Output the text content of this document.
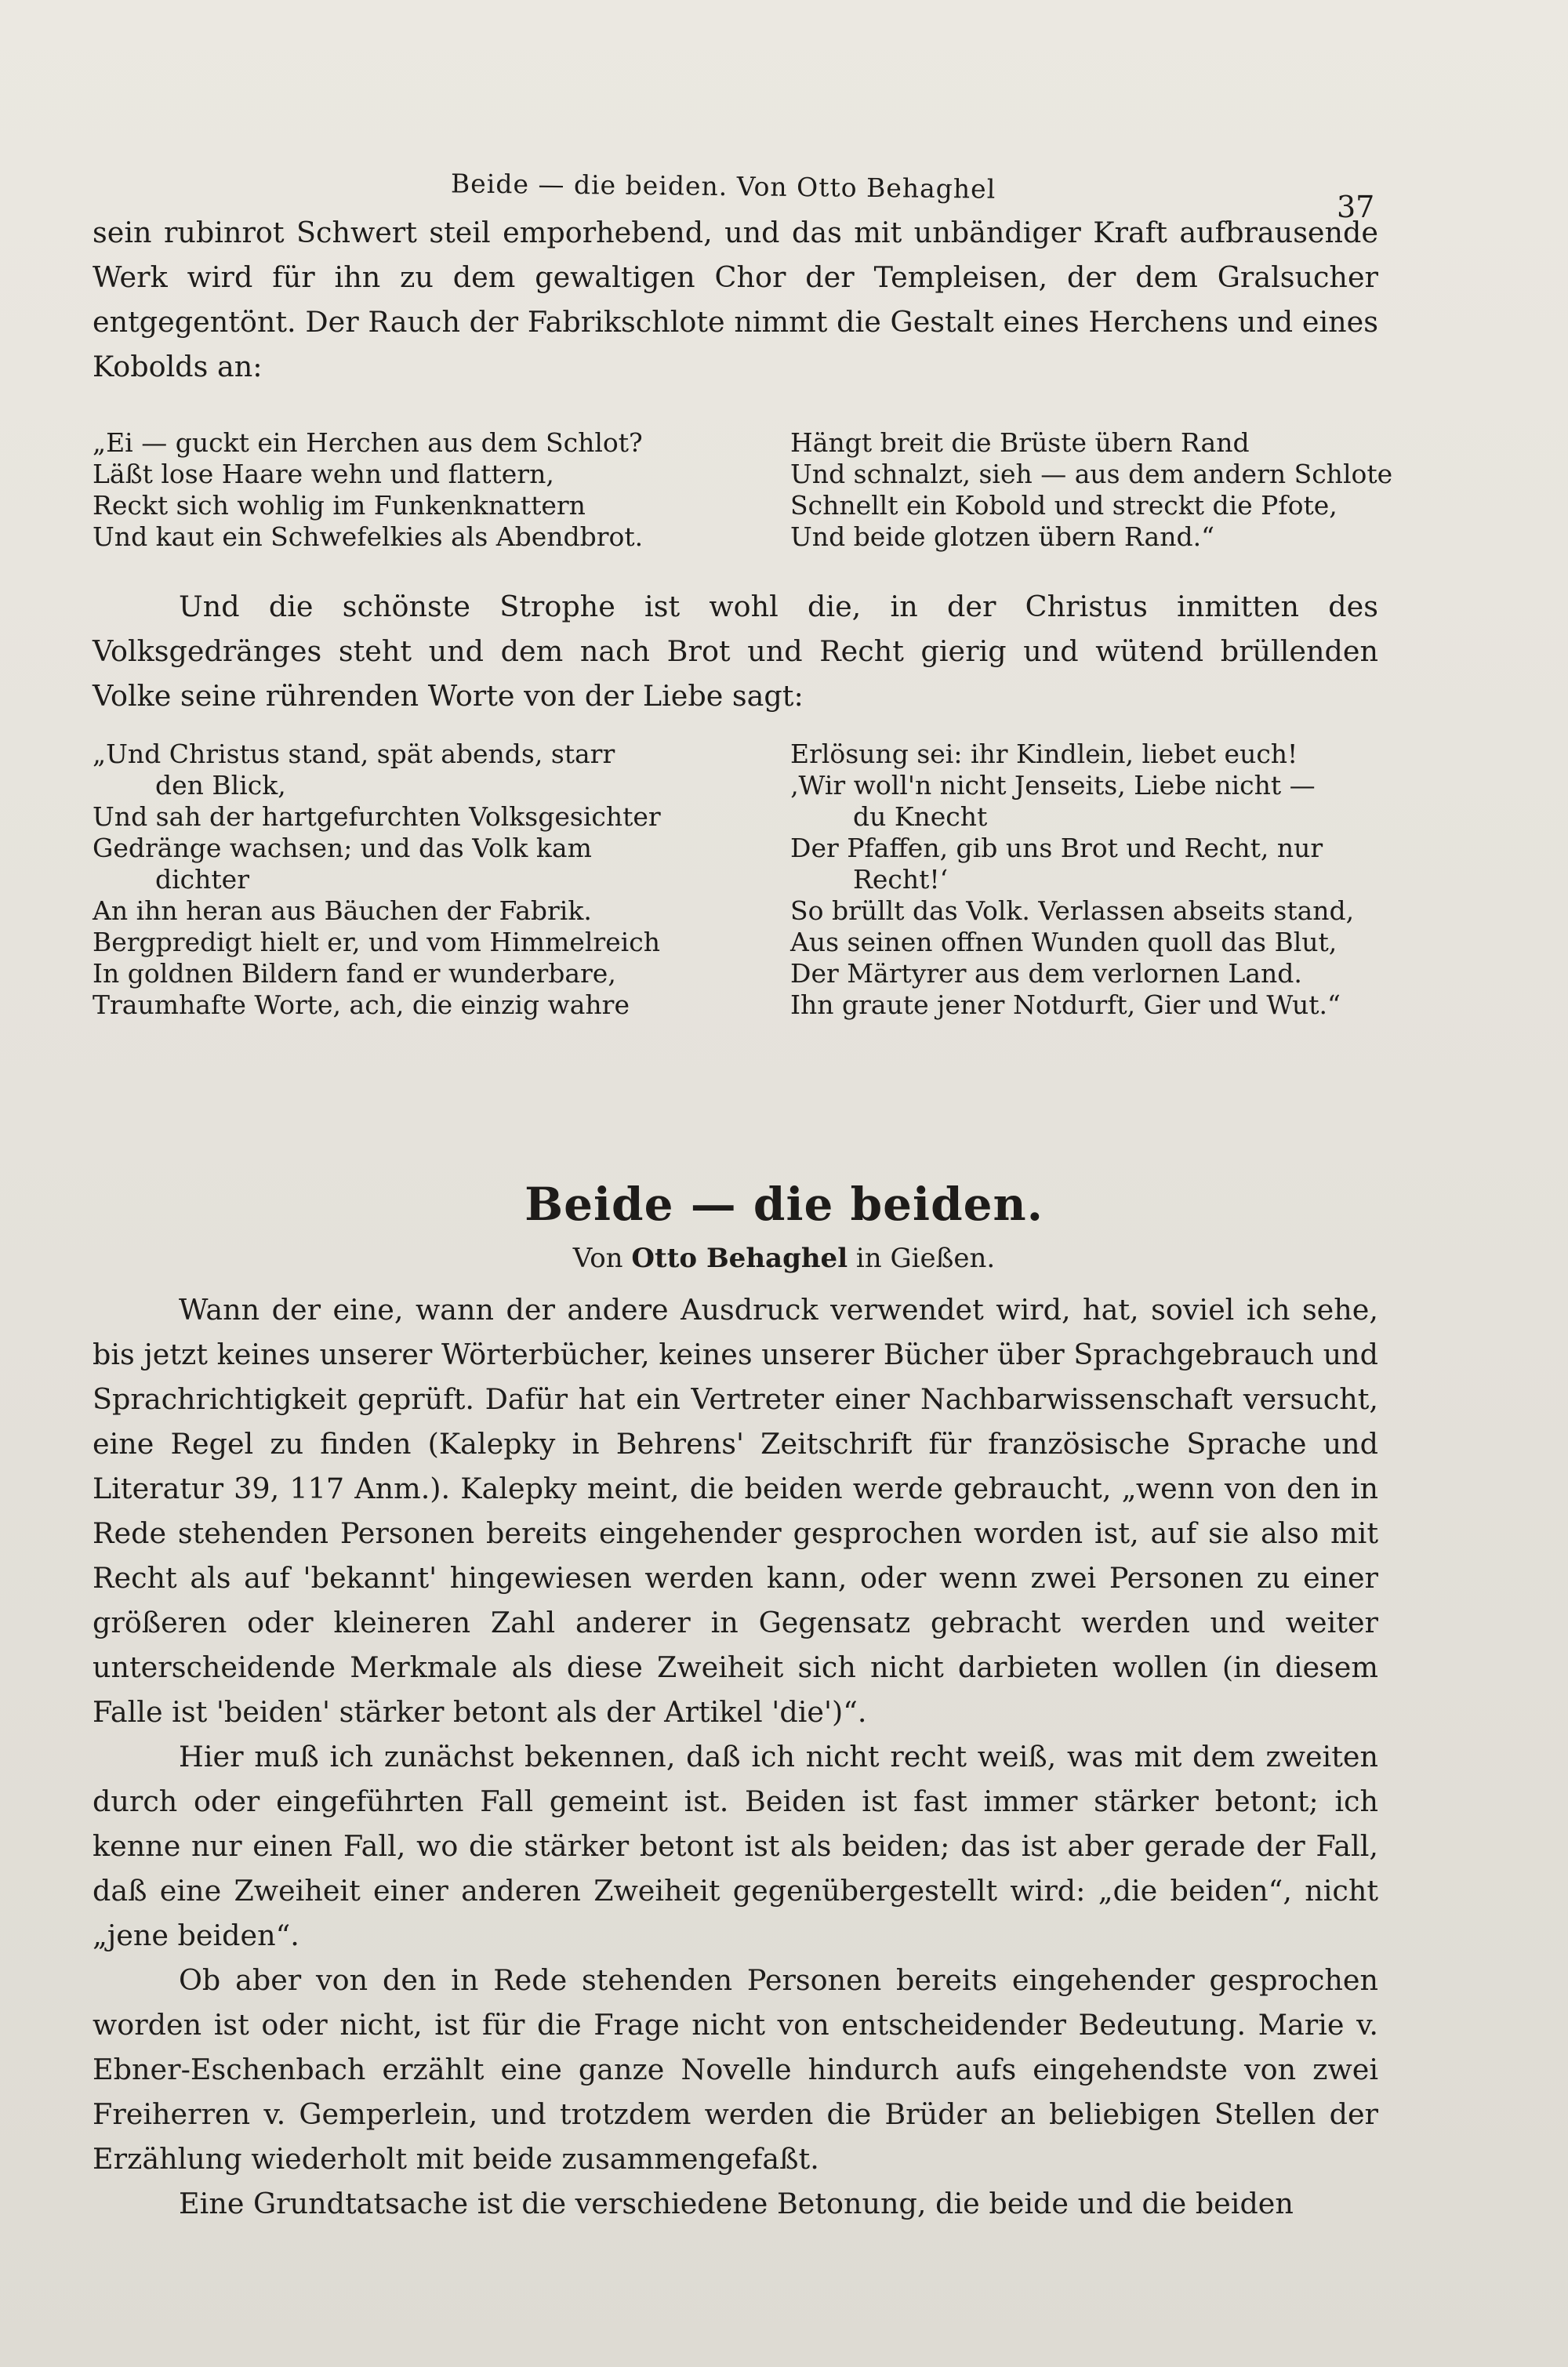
Beide — die beiden. Von Otto Behaghel
37

sein rubinrot Schwert steil emporhebend, und das mit unbändiger Kraft aufbrausende Werk wird für ihn zu dem gewaltigen Chor der Templeisen, der dem Gralsucher entgegentönt. Der Rauch der Fabrikschlote nimmt die Gestalt eines Herchens und eines Kobolds an:

„Ei — guckt ein Herchen aus dem Schlot?
Läßt lose Haare wehn und flattern,
Reckt sich wohlig im Funkenknattern
Und kaut ein Schwefelkies als Abendbrot.
Hängt breit die Brüste übern Rand
Und schnalzt, sieh — aus dem andern Schlote
Schnellt ein Kobold und streckt die Pfote,
Und beide glotzen übern Rand.“

Und die schönste Strophe ist wohl die, in der Christus inmitten des Volksgedränges steht und dem nach Brot und Recht gierig und wütend brüllenden Volke seine rührenden Worte von der Liebe sagt:

„Und Christus stand, spät abends, starr
den Blick,
Und sah der hartgefurchten Volksgesichter
Gedränge wachsen; und das Volk kam
dichter
An ihn heran aus Bäuchen der Fabrik.
Bergpredigt hielt er, und vom Himmelreich
In goldnen Bildern fand er wunderbare,
Traumhafte Worte, ach, die einzig wahre
Erlösung sei: ihr Kindlein, liebet euch!
‚Wir woll'n nicht Jenseits, Liebe nicht —
du Knecht
Der Pfaffen, gib uns Brot und Recht, nur
Recht!‘
So brüllt das Volk. Verlassen abseits stand,
Aus seinen offnen Wunden quoll das Blut,
Der Märtyrer aus dem verlornen Land.
Ihn graute jener Notdurft, Gier und Wut.“
Beide — die beiden.
Von Otto Behaghel in Gießen.

Wann der eine, wann der andere Ausdruck verwendet wird, hat, soviel ich sehe, bis jetzt keines unserer Wörterbücher, keines unserer Bücher über Sprachgebrauch und Sprachrichtigkeit geprüft. Dafür hat ein Vertreter einer Nachbarwissenschaft versucht, eine Regel zu finden (Kalepky in Behrens' Zeitschrift für französische Sprache und Literatur 39, 117 Anm.). Kalepky meint, die beiden werde gebraucht, „wenn von den in Rede stehenden Personen bereits eingehender gesprochen worden ist, auf sie also mit Recht als auf 'bekannt' hingewiesen werden kann, oder wenn zwei Personen zu einer größeren oder kleineren Zahl anderer in Gegensatz gebracht werden und weiter unterscheidende Merkmale als diese Zweiheit sich nicht darbieten wollen (in diesem Falle ist 'beiden' stärker betont als der Artikel 'die')“.

Hier muß ich zunächst bekennen, daß ich nicht recht weiß, was mit dem zweiten durch oder eingeführten Fall gemeint ist. Beiden ist fast immer stärker betont; ich kenne nur einen Fall, wo die stärker betont ist als beiden; das ist aber gerade der Fall, daß eine Zweiheit einer anderen Zweiheit gegenübergestellt wird: „die beiden“, nicht „jene beiden“.

Ob aber von den in Rede stehenden Personen bereits eingehender gesprochen worden ist oder nicht, ist für die Frage nicht von entscheidender Bedeutung. Marie v. Ebner-Eschenbach erzählt eine ganze Novelle hindurch aufs eingehendste von zwei Freiherren v. Gemperlein, und trotzdem werden die Brüder an beliebigen Stellen der Erzählung wiederholt mit beide zusammengefaßt.

Eine Grundtatsache ist die verschiedene Betonung, die beide und die beiden
